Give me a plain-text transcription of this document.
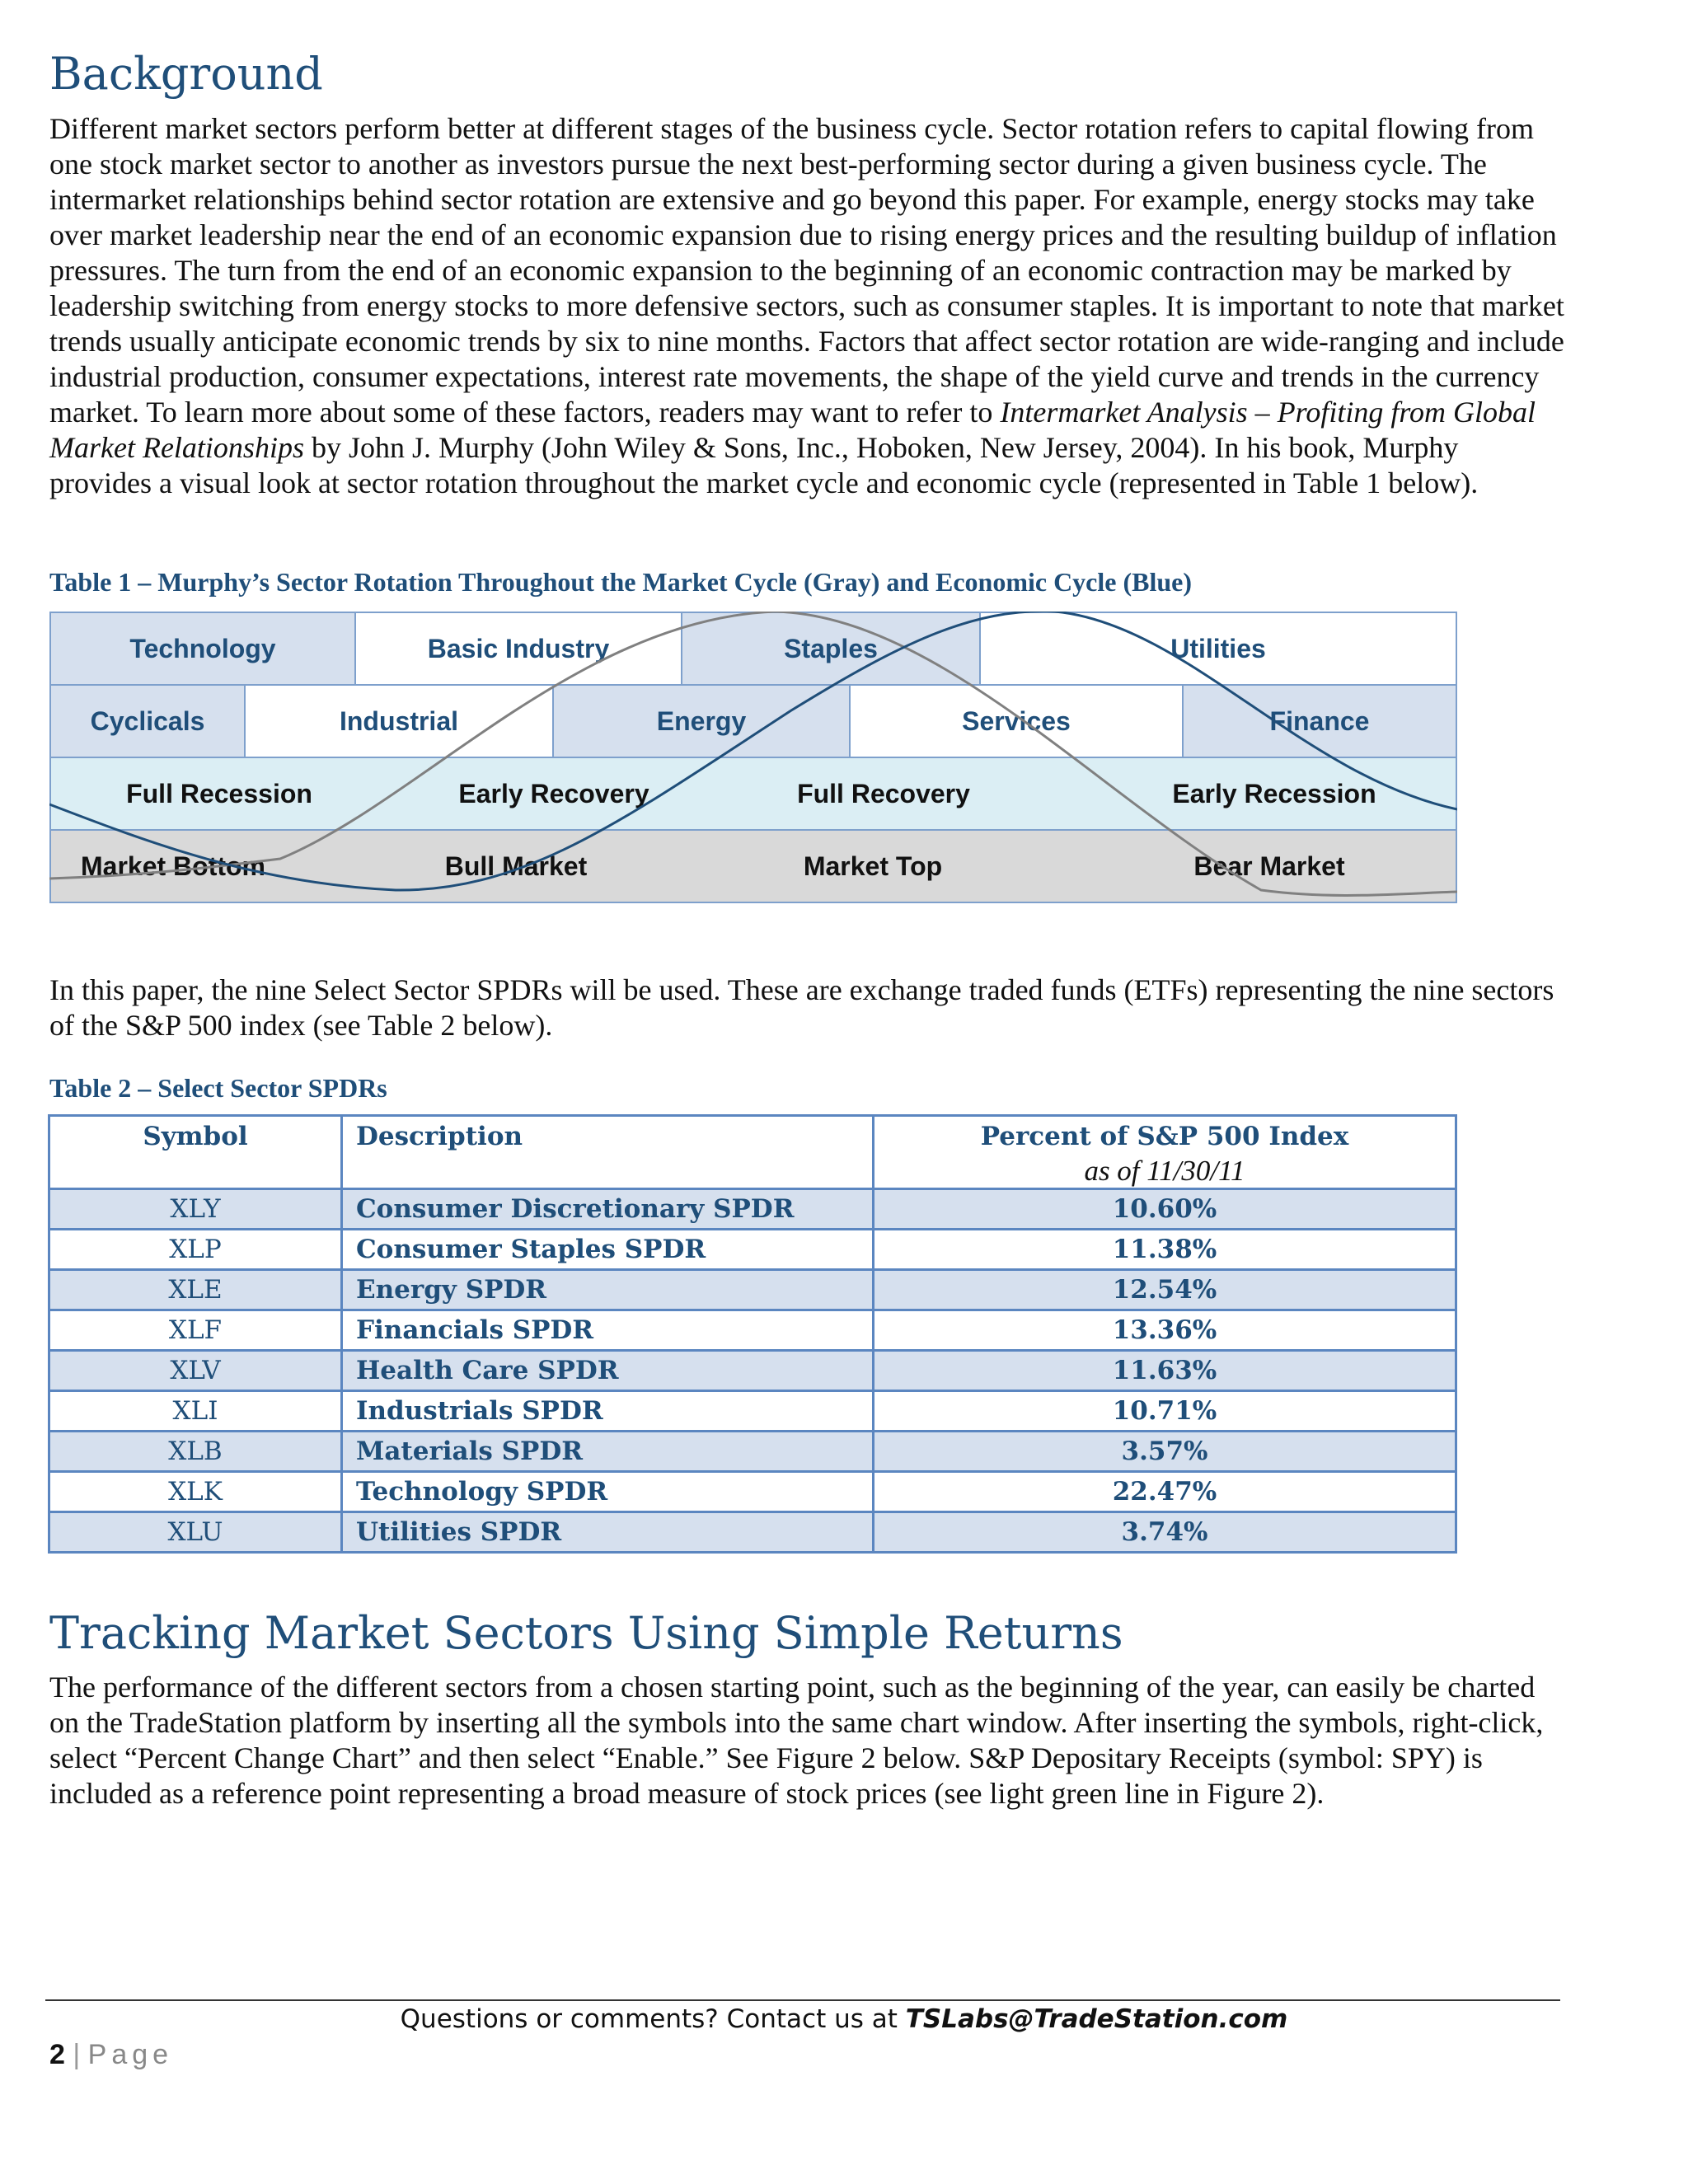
Background

Different market sectors perform better at different stages of the business cycle. Sector rotation refers to capital flowing from one stock market sector to another as investors pursue the next best-performing sector during a given business cycle. The intermarket relationships behind sector rotation are extensive and go beyond this paper. For example, energy stocks may take over market leadership near the end of an economic expansion due to rising energy prices and the resulting buildup of inflation pressures. The turn from the end of an economic expansion to the beginning of an economic contraction may be marked by leadership switching from energy stocks to more defensive sectors, such as consumer staples. It is important to note that market trends usually anticipate economic trends by six to nine months. Factors that affect sector rotation are wide-ranging and include industrial production, consumer expectations, interest rate movements, the shape of the yield curve and trends in the currency market. To learn more about some of these factors, readers may want to refer to Intermarket Analysis – Profiting from Global Market Relationships by John J. Murphy (John Wiley & Sons, Inc., Hoboken, New Jersey, 2004). In his book, Murphy provides a visual look at sector rotation throughout the market cycle and economic cycle (represented in Table 1 below).

Table 1 – Murphy’s Sector Rotation Throughout the Market Cycle (Gray) and Economic Cycle (Blue)

Technology	Basic Industry	Staples	Utilities
Cyclicals	Industrial	Energy	Services	Finance
Full Recession	Early Recovery	Full Recovery	Early Recession
Market Bottom	Bull Market	Market Top	Bear Market

In this paper, the nine Select Sector SPDRs will be used. These are exchange traded funds (ETFs) representing the nine sectors of the S&P 500 index (see Table 2 below).

Table 2 – Select Sector SPDRs

Symbol	Description	Percent of S&P 500 Index
as of 11/30/11

XLY	Consumer Discretionary SPDR	10.60%
XLP	Consumer Staples SPDR	11.38%
XLE	Energy SPDR	12.54%
XLF	Financials SPDR	13.36%
XLV	Health Care SPDR	11.63%
XLI	Industrials SPDR	10.71%
XLB	Materials SPDR	3.57%
XLK	Technology SPDR	22.47%
XLU	Utilities SPDR	3.74%
Tracking Market Sectors Using Simple Returns

The performance of the different sectors from a chosen starting point, such as the beginning of the year, can easily be charted on the TradeStation platform by inserting all the symbols into the same chart window. After inserting the symbols, right-click, select “Percent Change Chart” and then select “Enable.” See Figure 2 below. S&P Depositary Receipts (symbol: SPY) is included as a reference point representing a broad measure of stock prices (see light green line in Figure 2).

Questions or comments? Contact us at TSLabs@TradeStation.com
2 | Page
